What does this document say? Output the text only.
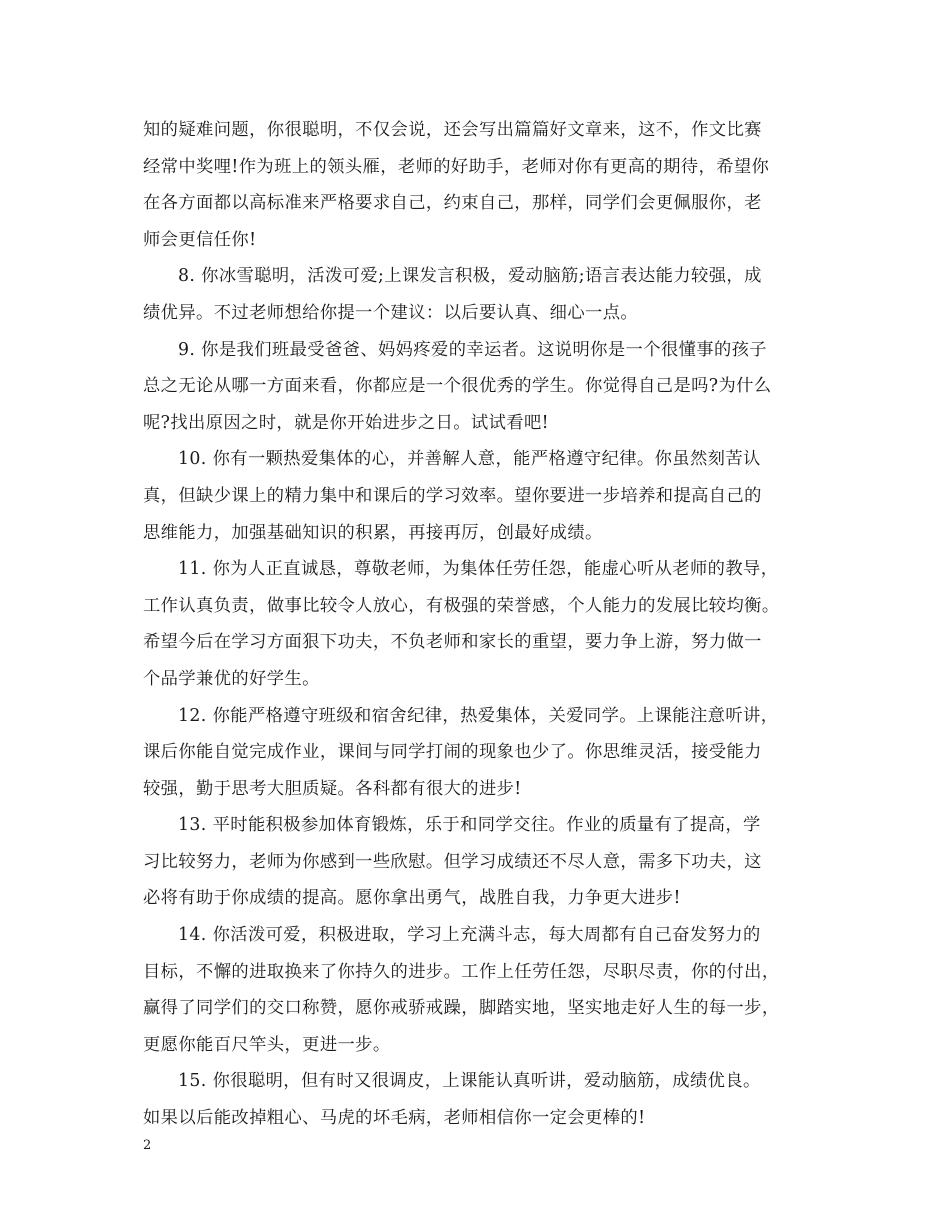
知的疑难问题，你很聪明，不仅会说，还会写出篇篇好文章来，这不，作文比赛
经常中奖哩!作为班上的领头雁，老师的好助手，老师对你有更高的期待，希望你
在各方面都以高标准来严格要求自己，约束自己，那样，同学们会更佩服你，老
师会更信任你!

8. 你冰雪聪明，活泼可爱;上课发言积极，爱动脑筋;语言表达能力较强，成
绩优异。不过老师想给你提一个建议：以后要认真、细心一点。

9. 你是我们班最受爸爸、妈妈疼爱的幸运者。这说明你是一个很懂事的孩子
总之无论从哪一方面来看，你都应是一个很优秀的学生。你觉得自己是吗?为什么
呢?找出原因之时，就是你开始进步之日。试试看吧!

10. 你有一颗热爱集体的心，并善解人意，能严格遵守纪律。你虽然刻苦认
真，但缺少课上的精力集中和课后的学习效率。望你要进一步培养和提高自己的
思维能力，加强基础知识的积累，再接再厉，创最好成绩。

11. 你为人正直诚恳，尊敬老师，为集体任劳任怨，能虚心听从老师的教导，
工作认真负责，做事比较令人放心，有极强的荣誉感，个人能力的发展比较均衡。
希望今后在学习方面狠下功夫，不负老师和家长的重望，要力争上游，努力做一
个品学兼优的好学生。

12. 你能严格遵守班级和宿舍纪律，热爱集体，关爱同学。上课能注意听讲，
课后你能自觉完成作业，课间与同学打闹的现象也少了。你思维灵活，接受能力
较强，勤于思考大胆质疑。各科都有很大的进步!

13. 平时能积极参加体育锻炼，乐于和同学交往。作业的质量有了提高，学
习比较努力，老师为你感到一些欣慰。但学习成绩还不尽人意，需多下功夫，这
必将有助于你成绩的提高。愿你拿出勇气，战胜自我，力争更大进步!

14. 你活泼可爱，积极进取，学习上充满斗志，每大周都有自己奋发努力的
目标，不懈的进取换来了你持久的进步。工作上任劳任怨，尽职尽责，你的付出，
赢得了同学们的交口称赞，愿你戒骄戒躁，脚踏实地，坚实地走好人生的每一步，
更愿你能百尺竿头，更进一步。

15. 你很聪明，但有时又很调皮，上课能认真听讲，爱动脑筋，成绩优良。
如果以后能改掉粗心、马虎的坏毛病，老师相信你一定会更棒的!

2
